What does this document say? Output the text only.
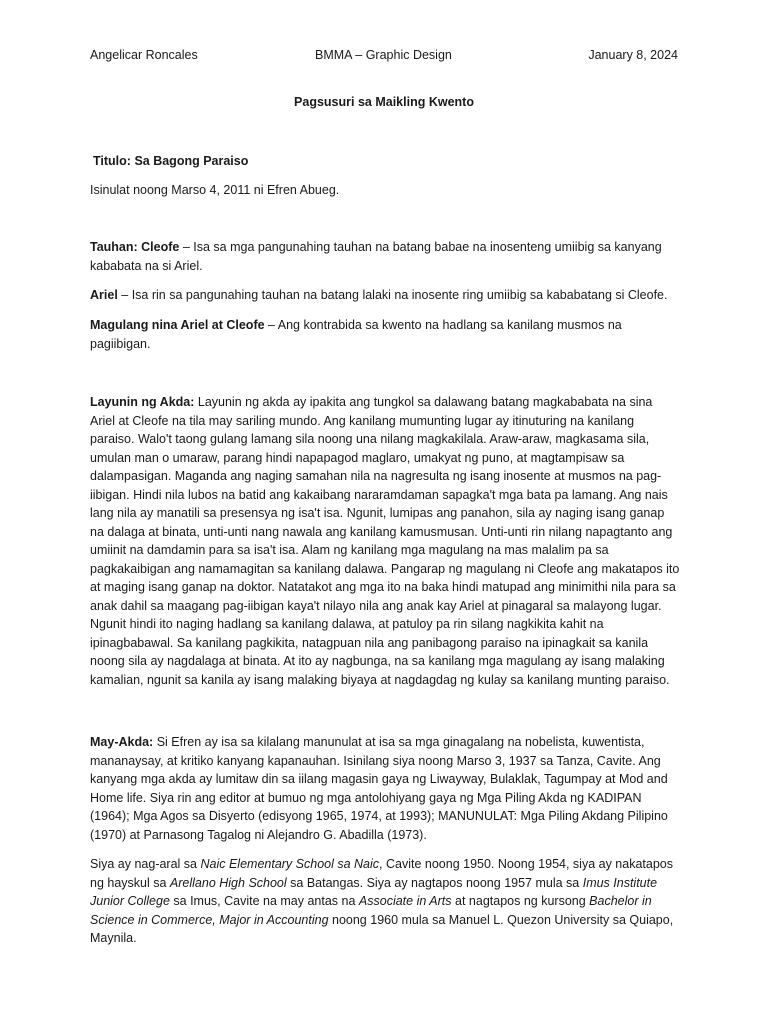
Angelicar Roncales	BMMA – Graphic Design	January 8, 2024
Pagsusuri sa Maikling Kwento

Titulo: Sa Bagong Paraiso

Isinulat noong Marso 4, 2011 ni Efren Abueg.

Tauhan: Cleofe – Isa sa mga pangunahing tauhan na batang babae na inosenteng umiibig sa kanyang kababata na si Ariel.

Ariel – Isa rin sa pangunahing tauhan na batang lalaki na inosente ring umiibig sa kababatang si Cleofe.

Magulang nina Ariel at Cleofe – Ang kontrabida sa kwento na hadlang sa kanilang musmos na pagiibigan.

Layunin ng Akda: Layunin ng akda ay ipakita ang tungkol sa dalawang batang magkababata na sina Ariel at Cleofe na tila may sariling mundo. Ang kanilang mumunting lugar ay itinuturing na kanilang paraiso. Walo't taong gulang lamang sila noong una nilang magkakilala. Araw-araw, magkasama sila, umulan man o umaraw, parang hindi napapagod maglaro, umakyat ng puno, at magtampisaw sa dalampasigan. Maganda ang naging samahan nila na nagresulta ng isang inosente at musmos na pag-iibigan. Hindi nila lubos na batid ang kakaibang nararamdaman sapagka't mga bata pa lamang. Ang nais lang nila ay manatili sa presensya ng isa't isa. Ngunit, lumipas ang panahon, sila ay naging isang ganap na dalaga at binata, unti-unti nang nawala ang kanilang kamusmusan. Unti-unti rin nilang napagtanto ang umiinit na damdamin para sa isa't isa. Alam ng kanilang mga magulang na mas malalim pa sa pagkakaibigan ang namamagitan sa kanilang dalawa. Pangarap ng magulang ni Cleofe ang makatapos ito at maging isang ganap na doktor. Natatakot ang mga ito na baka hindi matupad ang minimithi nila para sa anak dahil sa maagang pag-iibigan kaya't nilayo nila ang anak kay Ariel at pinagaral sa malayong lugar. Ngunit hindi ito naging hadlang sa kanilang dalawa, at patuloy pa rin silang nagkikita kahit na ipinagbabawal. Sa kanilang pagkikita, natagpuan nila ang panibagong paraiso na ipinagkait sa kanila noong sila ay nagdalaga at binata. At ito ay nagbunga, na sa kanilang mga magulang ay isang malaking kamalian, ngunit sa kanila ay isang malaking biyaya at nagdagdag ng kulay sa kanilang munting paraiso.

May-Akda: Si Efren ay isa sa kilalang manunulat at isa sa mga ginagalang na nobelista, kuwentista, mananaysay, at kritiko kanyang kapanauhan. Isinilang siya noong Marso 3, 1937 sa Tanza, Cavite. Ang kanyang mga akda ay lumitaw din sa iilang magasin gaya ng Liwayway, Bulaklak, Tagumpay at Mod and Home life. Siya rin ang editor at bumuo ng mga antolohiyang gaya ng Mga Piling Akda ng KADIPAN (1964); Mga Agos sa Disyerto (edisyong 1965, 1974, at 1993); MANUNULAT: Mga Piling Akdang Pilipino (1970) at Parnasong Tagalog ni Alejandro G. Abadilla (1973).

Siya ay nag-aral sa Naic Elementary School sa Naic, Cavite noong 1950. Noong 1954, siya ay nakatapos ng hayskul sa Arellano High School sa Batangas. Siya ay nagtapos noong 1957 mula sa Imus Institute Junior College sa Imus, Cavite na may antas na Associate in Arts at nagtapos ng kursong Bachelor in Science in Commerce, Major in Accounting noong 1960 mula sa Manuel L. Quezon University sa Quiapo, Maynila.
